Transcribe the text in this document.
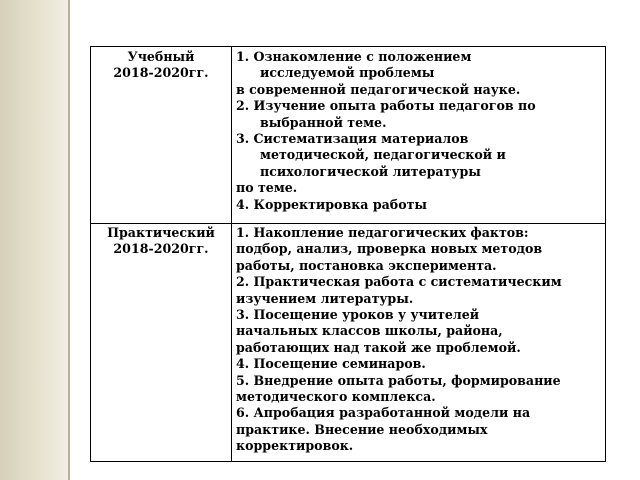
Учебный
2018-2020гг.
1. Ознакомление с положением
исследуемой проблемы
в современной педагогической науке.
2. Изучение опыта работы педагогов по
выбранной теме.
3. Систематизация материалов
методической, педагогической и
психологической литературы
по теме.
4. Корректировка работы
Практический
2018-2020гг.
1. Накопление педагогических фактов:
подбор, анализ, проверка новых методов
работы, постановка эксперимента.
2. Практическая работа с систематическим
изучением литературы.
3. Посещение уроков у учителей
начальных классов школы, района,
работающих над такой же проблемой.
4. Посещение семинаров.
5. Внедрение опыта работы, формирование
методического комплекса.
6. Апробация разработанной модели на
практике. Внесение необходимых
корректировок.
